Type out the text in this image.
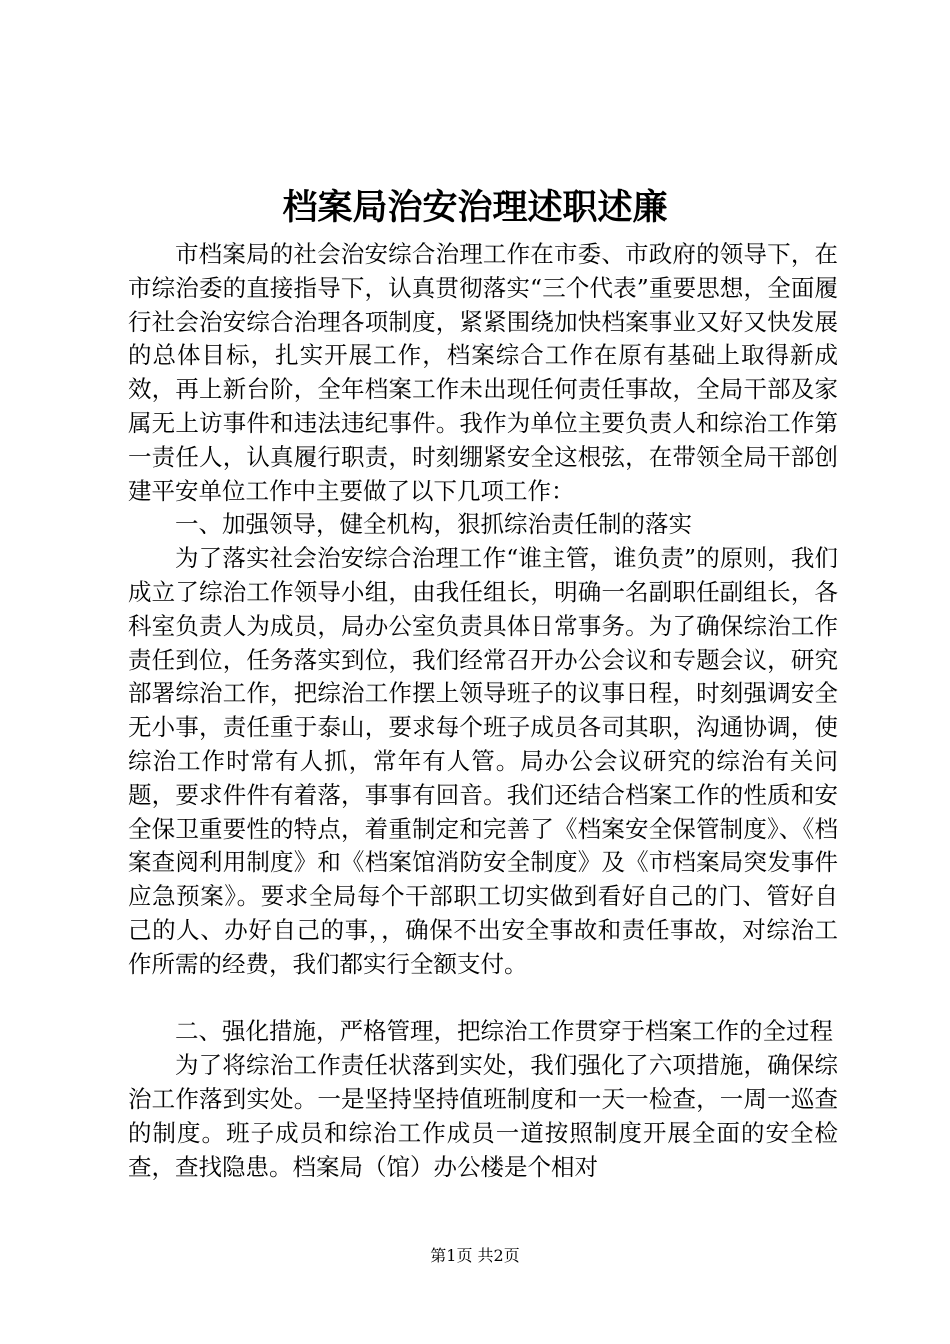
档案局治安治理述职述廉

市档案局的社会治安综合治理工作在市委、市政府的领导下，在市综治委的直接指导下，认真贯彻落实“三个代表”重要思想，全面履行社会治安综合治理各项制度，紧紧围绕加快档案事业又好又快发展的总体目标，扎实开展工作，档案综合工作在原有基础上取得新成效，再上新台阶，全年档案工作未出现任何责任事故，全局干部及家属无上访事件和违法违纪事件。我作为单位主要负责人和综治工作第一责任人，认真履行职责，时刻绷紧安全这根弦，在带领全局干部创建平安单位工作中主要做了以下几项工作：

一、加强领导，健全机构，狠抓综治责任制的落实

为了落实社会治安综合治理工作“谁主管，谁负责”的原则，我们成立了综治工作领导小组，由我任组长，明确一名副职任副组长，各科室负责人为成员，局办公室负责具体日常事务。为了确保综治工作责任到位，任务落实到位，我们经常召开办公会议和专题会议，研究部署综治工作，把综治工作摆上领导班子的议事日程，时刻强调安全无小事，责任重于泰山，要求每个班子成员各司其职，沟通协调，使综治工作时常有人抓，常年有人管。局办公会议研究的综治有关问题，要求件件有着落，事事有回音。我们还结合档案工作的性质和安全保卫重要性的特点，着重制定和完善了《档案安全保管制度》、《档案查阅利用制度》和《档案馆消防安全制度》及《市档案局突发事件应急预案》。要求全局每个干部职工切实做到看好自己的门、管好自己的人、办好自己的事，，确保不出安全事故和责任事故，对综治工作所需的经费，我们都实行全额支付。

二、强化措施，严格管理，把综治工作贯穿于档案工作的全过程

为了将综治工作责任状落到实处，我们强化了六项措施，确保综治工作落到实处。一是坚持坚持值班制度和一天一检查，一周一巡查的制度。班子成员和综治工作成员一道按照制度开展全面的安全检查，查找隐患。档案局（馆）办公楼是个相对

第1页 共2页
